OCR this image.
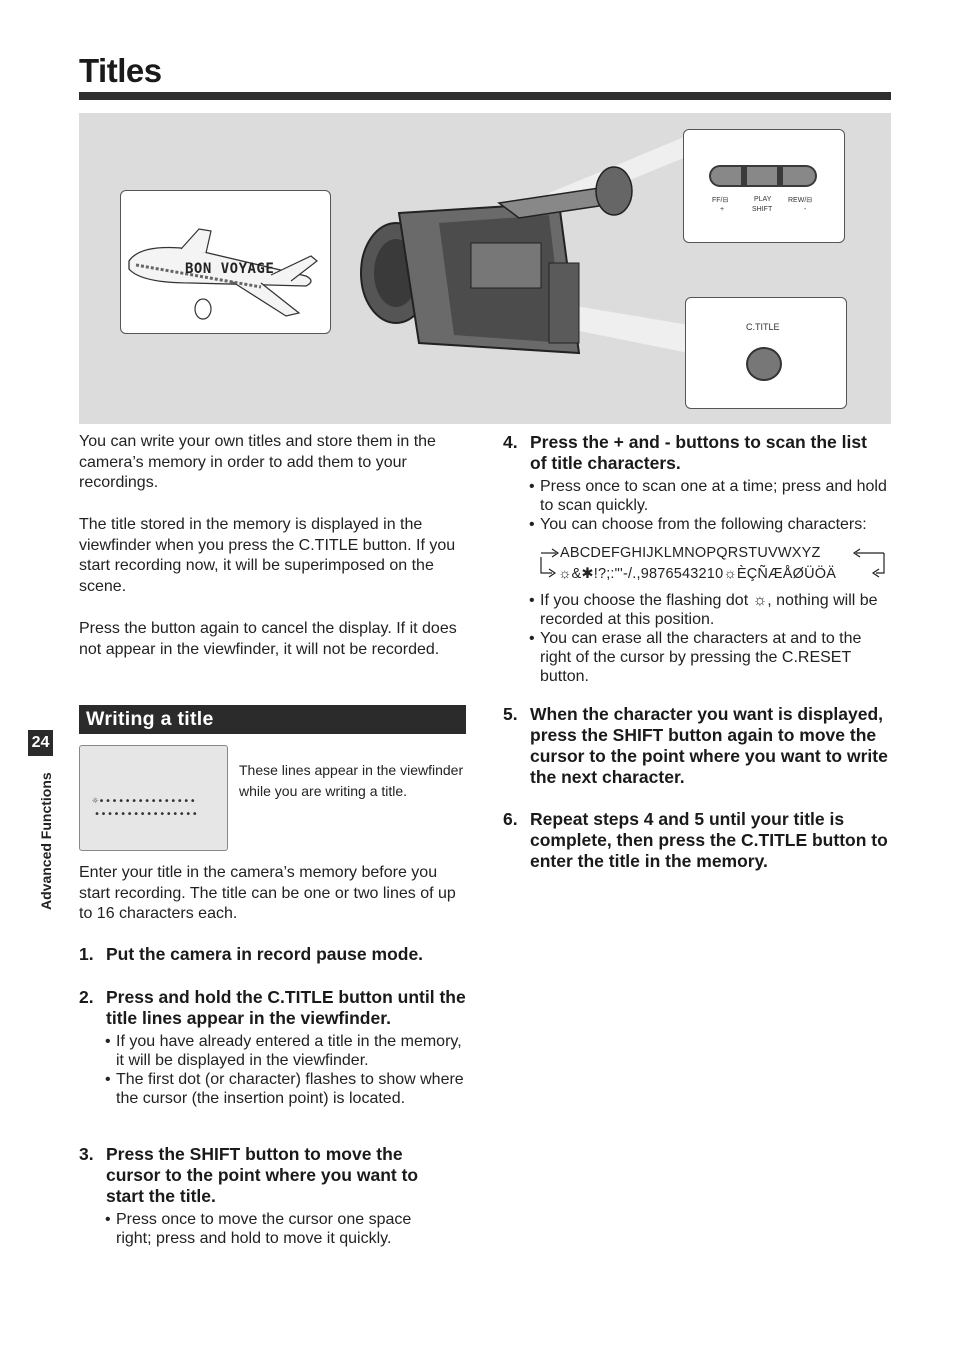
Titles
BON VOYAGE
FF/⊟	PLAY REW/⊟
+	SHIFT	-
C.TITLE
You can write your own titles and store them in the camera’s memory in order to add them to your recordings.
The title stored in the memory is displayed in the viewfinder when you press the C.TITLE button. If you start recording now, it will be superimposed on the scene.
Press the button again to cancel the display. If it does not appear in the viewfinder, it will not be recorded.
Writing a title
☼•••••••••••••••
••••••••••••••••
These lines appear in the viewfinder while you are writing a title.
Enter your title in the camera’s memory before you start recording. The title can be one or two lines of up to 16 characters each.
1. Put the camera in record pause mode.
2. Press and hold the C.TITLE button until the title lines appear in the viewfinder.

• If you have already entered a title in the memory, it will be displayed in the viewfinder.

• The first dot (or character) flashes to show where the cursor (the insertion point) is located.

3. Press the SHIFT button to move the cursor to the point where you want to start the title.

• Press once to move the cursor one space right; press and hold to move it quickly.

4. Press the + and - buttons to scan the list of title characters.

• Press once to scan one at a time; press and hold to scan quickly.

• You can choose from the following characters:

ABCDEFGHIJKLMNOPQRSTUVWXYZ
☼&✱!?;:"'-/.,9876543210☼ÈÇÑÆÅØÜÖÄ

• If you choose the flashing dot ☼, nothing will be recorded at this position.

• You can erase all the characters at and to the right of the cursor by pressing the C.RESET button.

5. When the character you want is displayed, press the SHIFT button again to move the cursor to the point where you want to write the next character.
6. Repeat steps 4 and 5 until your title is complete, then press the C.TITLE button to enter the title in the memory.
24
Advanced Functions
